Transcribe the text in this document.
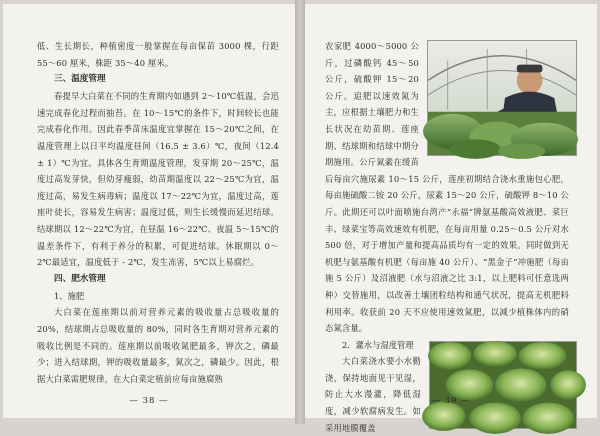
低、生长期长，种植密度一般掌握在每亩保苗 3000 棵，行距 55～60 厘米，株距 35～40 厘米。

三、温度管理

春提早大白菜在不同的生育期内如遇到 2～10℃低温，会迅速完成春化过程而抽苔。在 10～15℃的条件下，时间较长也能完成春化作用。因此春季苗床温度宜掌握在 15～20℃之间，在温度管理上以日平均温度昼间（16.5 ± 3.6）℃，夜间（12.4 ± 1）℃为宜。具体各生育期温度管理，发芽期 20～25℃，温度过高发芽快，但幼芽瘦弱，幼苗期温度以 22～25℃为宜，温度过高，易发生病毒病；温度以 17～22℃为宜，温度过高，莲座叶徒长，容易发生病害；温度过低，则生长缓慢而延迟结球。结球期以 12～22℃为宜，在昼温 16～22℃、夜温 5～15℃的温差条件下，有利于养分的积累，可促进结球。休眠期以 0～2℃最适宜，温度低于 - 2℃，发生冻害，5℃以上易腐烂。

四、肥水管理

1、施肥

大白菜在莲座期以前对营养元素的吸收量占总吸收量的 20%，结球期占总吸收量的 80%，同时各生育期对营养元素的吸收比例是不同的。莲座期以前吸收氮肥最多，钾次之，磷最少；进入结球期，钾的吸收量最多，氮次之，磷最少。因此，根据大白菜需肥规律，在大白菜定植前应每亩施腐熟

— 38 —

农家肥 4000～5000 公斤，过磷酸钙 45～50 公斤，硫酸钾 15～20 公斤。追肥以速效氮为主，应根据土壤肥力和生长状况在幼苗期、莲座期、结球期和结球中期分期施用。公斤氮素在缓苗后每亩穴施尿素 10～15 公斤，莲座初期结合浇水重施包心肥，每亩施硫酸二铵 20 公斤，尿素 15～20 公斤，硫酸钾 8～10 公斤。此期还可以叶面喷施台湾产“永福”牌氨基酸高效液肥、菜巨丰、绿菜宝等高效速效有机肥，在每亩用量 0.25～0.5 公斤对水 500 倍，对于增加产量和提高品质均有一定的效果。同时做到无机肥与氨基酸有机肥（每亩施 40 公斤）、“黑金子”冲施肥（每亩施 5 公斤）及沼液肥（水与沼液之比 3:1，以上肥料可任意选两种）交替施用，以改善土壤团粒结构和通气状况，提高无机肥料利用率。收获前 20 天不应使用速效氮肥，以减少植株体内的硝态氮含量。

2．灌水与湿度管理

大白菜浇水要小水勤浇，保持地面见干见湿，防止大水漫灌，降低湿度，减少软腐病发生。如采用地膜覆盖

— 39 —
